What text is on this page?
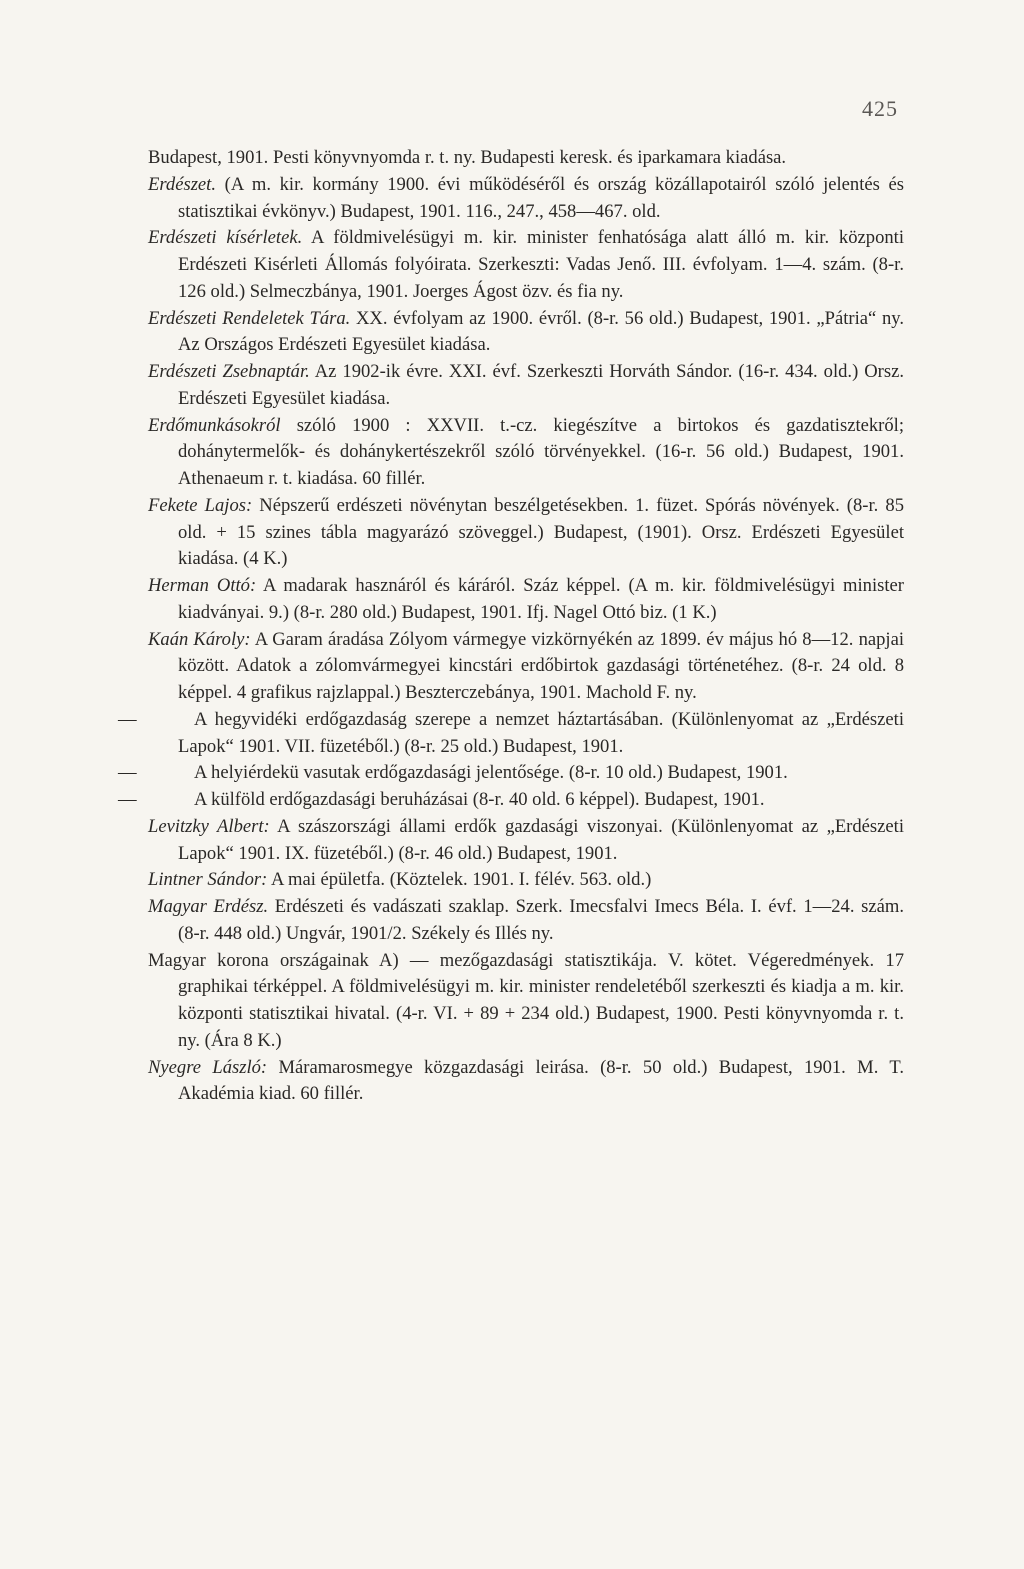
425

Budapest, 1901. Pesti könyvnyomda r. t. ny. Budapesti keresk. és iparkamara kiadása.

Erdészet. (A m. kir. kormány 1900. évi működéséről és ország közállapotairól szóló jelentés és statisztikai évkönyv.) Budapest, 1901. 116., 247., 458—467. old.

Erdészeti kísérletek. A földmivelésügyi m. kir. minister fenhatósága alatt álló m. kir. központi Erdészeti Kisérleti Állomás folyóirata. Szerkeszti: Vadas Jenő. III. évfolyam. 1—4. szám. (8-r. 126 old.) Selmeczbánya, 1901. Joerges Ágost özv. és fia ny.

Erdészeti Rendeletek Tára. XX. évfolyam az 1900. évről. (8-r. 56 old.) Budapest, 1901. „Pátria“ ny. Az Országos Erdészeti Egyesület kiadása.

Erdészeti Zsebnaptár. Az 1902-ik évre. XXI. évf. Szerkeszti Horváth Sándor. (16-r. 434. old.) Orsz. Erdészeti Egyesület kiadása.

Erdőmunkásokról szóló 1900 : XXVII. t.-cz. kiegészítve a birtokos és gazdatisztekről; dohánytermelők- és dohánykertészekről szóló törvényekkel. (16-r. 56 old.) Budapest, 1901. Athenaeum r. t. kiadása. 60 fillér.

Fekete Lajos: Népszerű erdészeti növénytan beszélgetésekben. 1. füzet. Spórás növények. (8-r. 85 old. + 15 szines tábla magyarázó szöveggel.) Budapest, (1901). Orsz. Erdészeti Egyesület kiadása. (4 K.)

Herman Ottó: A madarak hasznáról és káráról. Száz képpel. (A m. kir. földmivelésügyi minister kiadványai. 9.) (8-r. 280 old.) Budapest, 1901. Ifj. Nagel Ottó biz. (1 K.)

Kaán Károly: A Garam áradása Zólyom vármegye vizkörnyékén az 1899. év május hó 8—12. napjai között. Adatok a zólomvármegyei kincstári erdőbirtok gazdasági történetéhez. (8-r. 24 old. 8 képpel. 4 grafikus rajzlappal.) Beszterczebánya, 1901. Machold F. ny.

—	A hegyvidéki erdőgazdaság szerepe a nemzet háztartásában. (Különlenyomat az „Erdészeti Lapok“ 1901. VII. füzetéből.) (8-r. 25 old.) Budapest, 1901.

—	A helyiérdekü vasutak erdőgazdasági jelentősége. (8-r. 10 old.) Budapest, 1901.

—	A külföld erdőgazdasági beruházásai (8-r. 40 old. 6 képpel). Budapest, 1901.

Levitzky Albert: A szászországi állami erdők gazdasági viszonyai. (Különlenyomat az „Erdészeti Lapok“ 1901. IX. füzetéből.) (8-r. 46 old.) Budapest, 1901.

Lintner Sándor: A mai épületfa. (Köztelek. 1901. I. félév. 563. old.)

Magyar Erdész. Erdészeti és vadászati szaklap. Szerk. Imecsfalvi Imecs Béla. I. évf. 1—24. szám. (8-r. 448 old.) Ungvár, 1901/2. Székely és Illés ny.

Magyar korona országainak A) — mezőgazdasági statisztikája. V. kötet. Végeredmények. 17 graphikai térképpel. A földmivelésügyi m. kir. minister rendeletéből szerkeszti és kiadja a m. kir. központi statisztikai hivatal. (4-r. VI. + 89 + 234 old.) Budapest, 1900. Pesti könyvnyomda r. t. ny. (Ára 8 K.)

Nyegre László: Máramarosmegye közgazdasági leirása. (8-r. 50 old.) Budapest, 1901. M. T. Akadémia kiad. 60 fillér.
